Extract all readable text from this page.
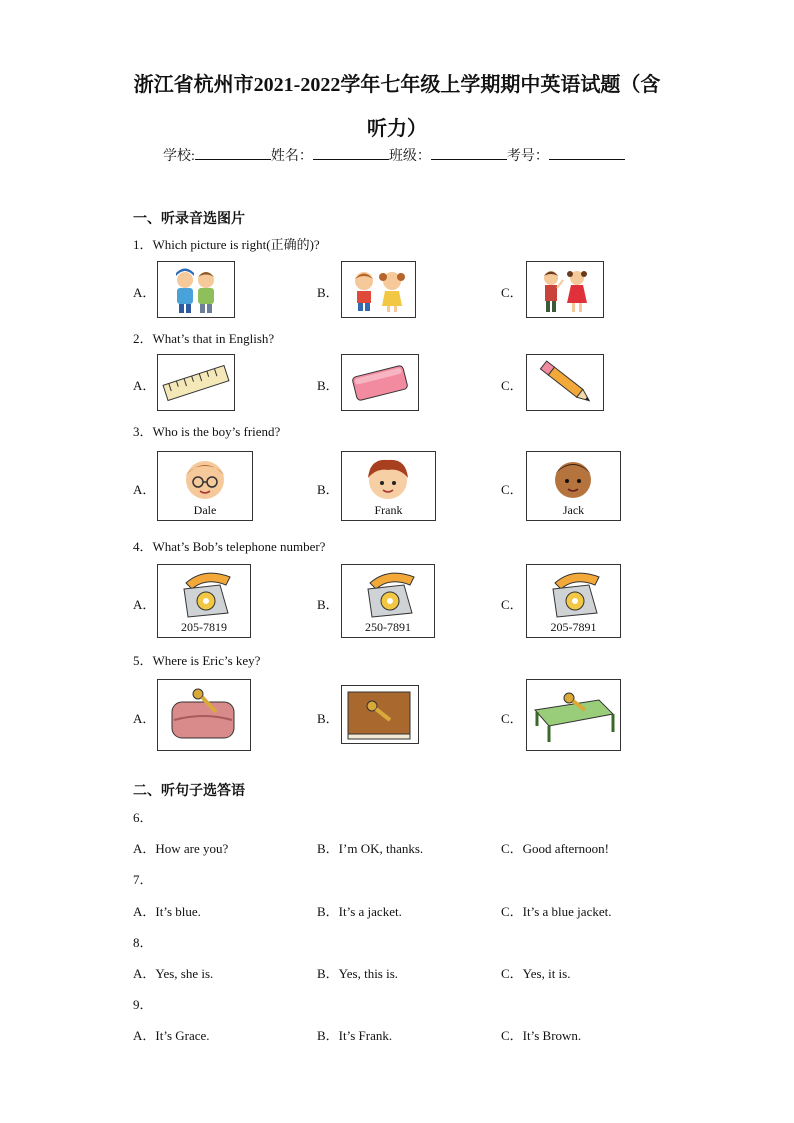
浙江省杭州市2021-2022学年七年级上学期期中英语试题（含
听力）
学校:	姓名：	班级：	考号：
一、听录音选图片
1．Which picture is right(正确的)?
A．	B．	C．
2．What’s that in English?
A．	B．	C．
3．Who is the boy’s friend?
A．
Dale
B．
Frank
C．
Jack
4．What’s Bob’s telephone number?
A．
205-7819
B．
250-7891
C．
205-7891
5．Where is Eric’s key?
A．	B．	C．
二、听句子选答语
6．
A．How are you?	B．I’m OK, thanks.	C．Good afternoon!
7．
A．It’s blue.	B．It’s a jacket.	C．It’s a blue jacket.
8．
A．Yes, she is.	B．Yes, this is.	C．Yes, it is.
9．
A．It’s Grace.	B．It’s Frank.	C．It’s Brown.
